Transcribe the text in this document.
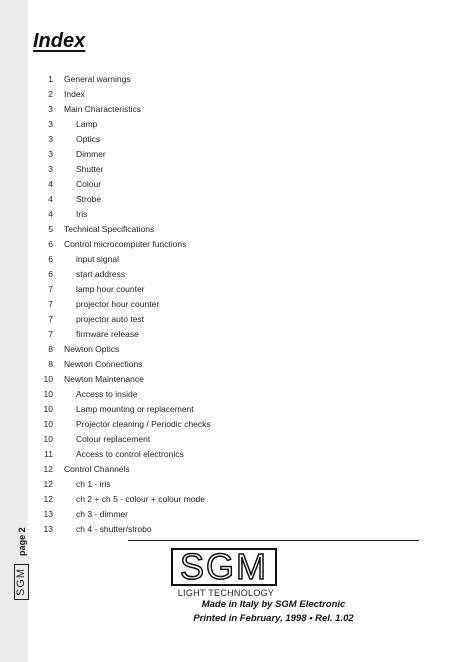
SGM
page 2
Index
1 General warnings
2 Index
3 Main Characteristics
3	Lamp
3	Optics
3	Dimmer
3	Shutter
4	Colour
4	Strobe
4	Iris
5 Technical Specifications
6 Control microcomputer functions
6	input signal
6	start address
7	lamp hour counter
7	projector hour counter
7	projector auto test
7	firmware release
8 Newton Optics
8 Newton Connections
10 Newton Maintenance
10	Access to inside
10	Lamp mounting or replacement
10	Projector cleaning / Periodic checks
10	Colour replacement
11	Access to control electronics
12 Control Channels
12	ch 1 - iris
12	ch 2 + ch 5 - colour + colour mode
13	ch 3 - dimmer
13	ch 4 - shutter/strobo
SGM
LIGHT TECHNOLOGY
Made in Italy by SGM Electronic
Printed in February, 1998 • Rel. 1.02
